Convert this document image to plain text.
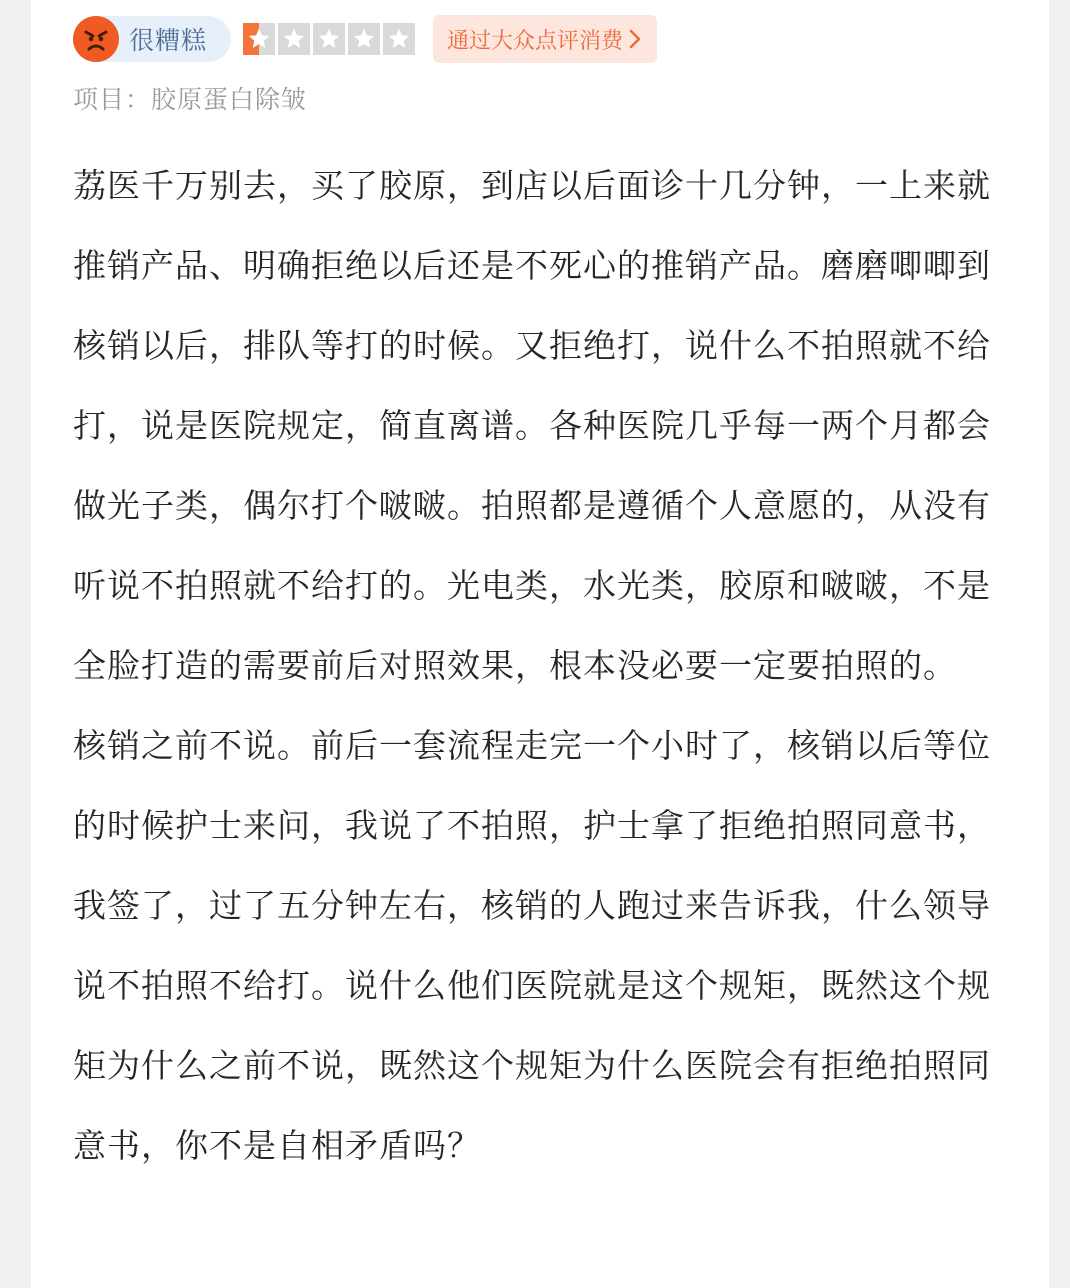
很糟糕	通过大众点评消费
项目：胶原蛋白除皱

荔医千万别去，买了胶原，到店以后面诊十几分钟，一上来就推销产品、明确拒绝以后还是不死心的推销产品。磨磨唧唧到核销以后，排队等打的时候。又拒绝打，说什么不拍照就不给打，说是医院规定，简直离谱。各种医院几乎每一两个月都会做光子类，偶尔打个啵啵。拍照都是遵循个人意愿的，从没有听说不拍照就不给打的。光电类，水光类，胶原和啵啵，不是全脸打造的需要前后对照效果，根本没必要一定要拍照的。

核销之前不说。前后一套流程走完一个小时了，核销以后等位的时候护士来问，我说了不拍照，护士拿了拒绝拍照同意书，我签了，过了五分钟左右，核销的人跑过来告诉我，什么领导说不拍照不给打。说什么他们医院就是这个规矩，既然这个规矩为什么之前不说，既然这个规矩为什么医院会有拒绝拍照同意书，你不是自相矛盾吗？
